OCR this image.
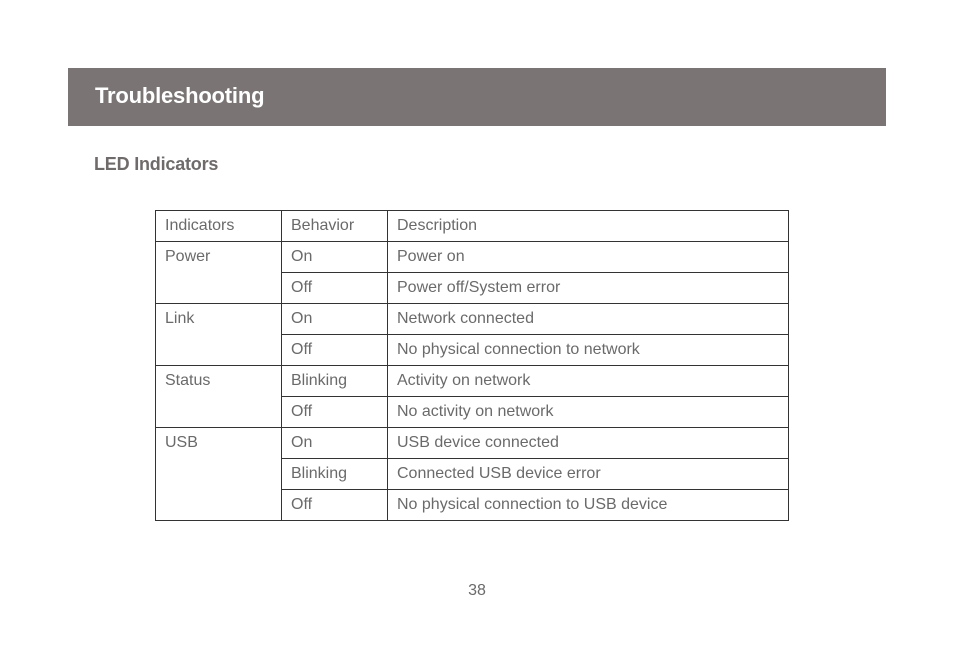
Troubleshooting
LED Indicators
Indicators	Behavior	Description
Power	On	Power on
	Off	Power off/System error
Link	On	Network connected
	Off	No physical connection to network
Status	Blinking	Activity on network
	Off	No activity on network
USB	On	USB device connected
	Blinking	Connected USB device error
	Off	No physical connection to USB device
38
